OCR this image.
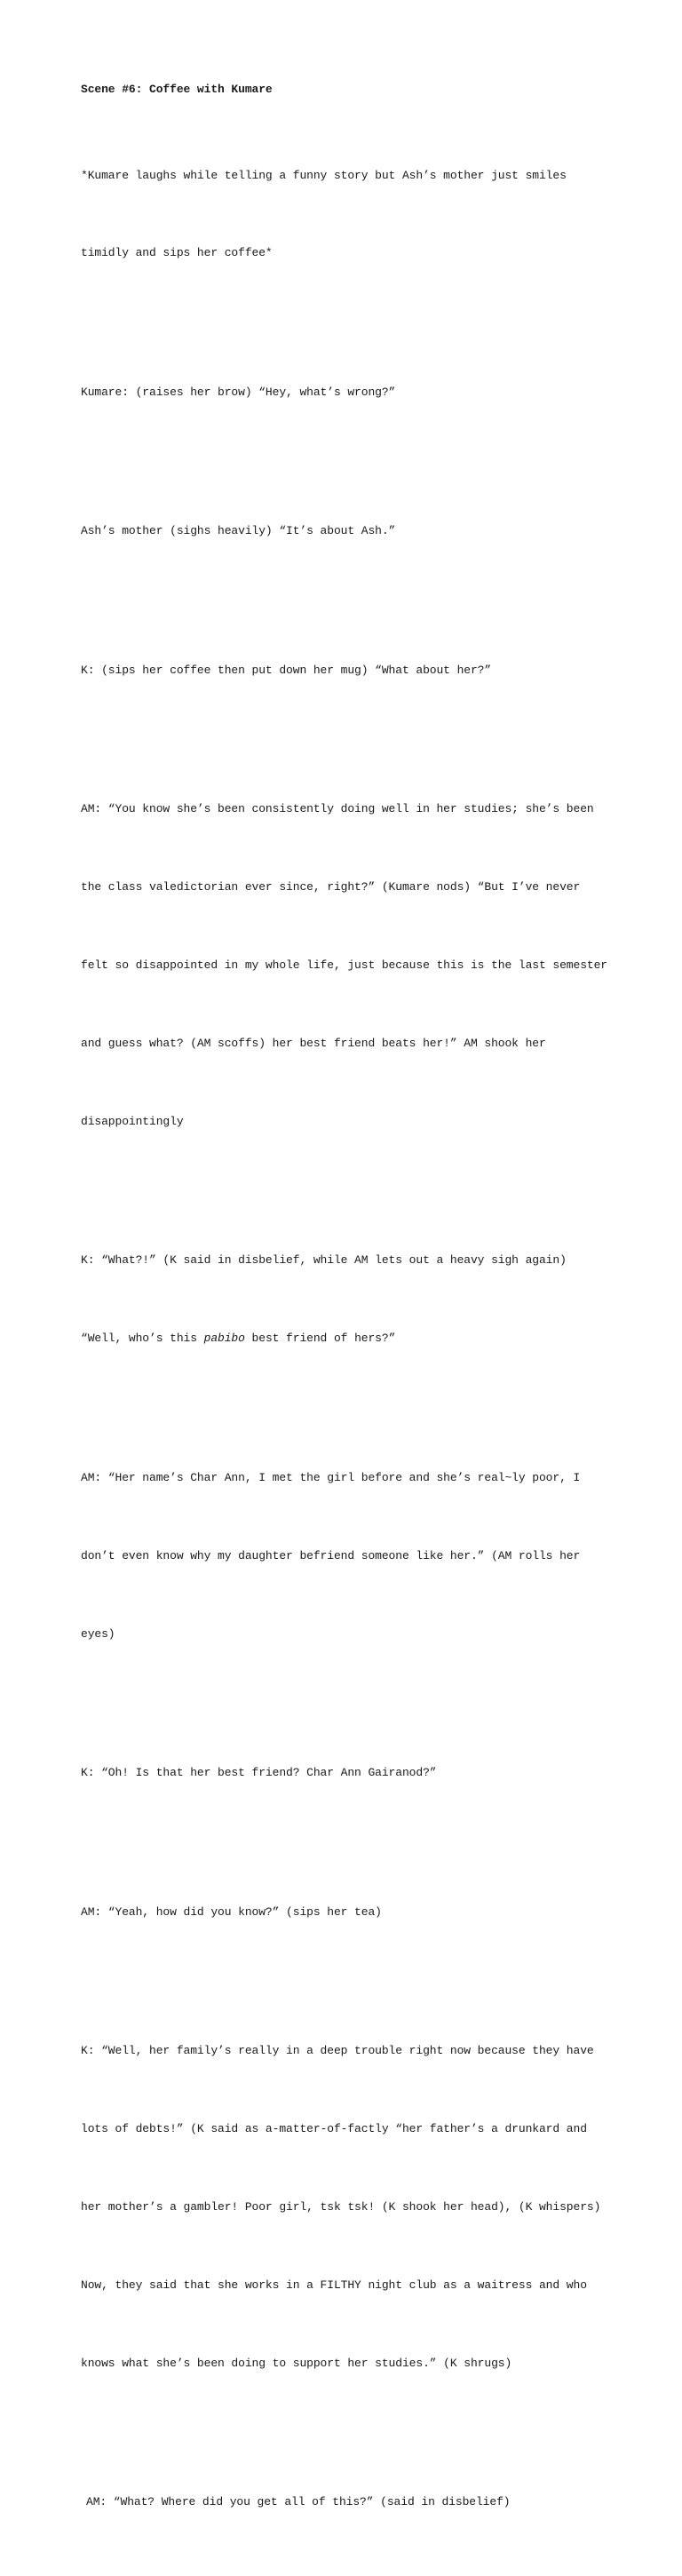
Scene #6: Coffee with Kumare

*Kumare laughs while telling a funny story but Ash’s mother just smiles

timidly and sips her coffee*

Kumare: (raises her brow) “Hey, what’s wrong?”

Ash’s mother (sighs heavily) “It’s about Ash.”

K: (sips her coffee then put down her mug) “What about her?”

AM: “You know she’s been consistently doing well in her studies; she’s been

the class valedictorian ever since, right?” (Kumare nods) “But I’ve never

felt so disappointed in my whole life, just because this is the last semester

and guess what? (AM scoffs) her best friend beats her!” AM shook her

disappointingly

K: “What?!” (K said in disbelief, while AM lets out a heavy sigh again)

“Well, who’s this pabibo best friend of hers?”

AM: “Her name’s Char Ann, I met the girl before and she’s real~ly poor, I

don’t even know why my daughter befriend someone like her.” (AM rolls her

eyes)

K: “Oh! Is that her best friend? Char Ann Gairanod?”

AM: “Yeah, how did you know?” (sips her tea)

K: “Well, her family’s really in a deep trouble right now because they have

lots of debts!” (K said as a-matter-of-factly “her father’s a drunkard and

her mother’s a gambler! Poor girl, tsk tsk! (K shook her head), (K whispers)

Now, they said that she works in a FILTHY night club as a waitress and who

knows what she’s been doing to support her studies.” (K shrugs)

AM: “What? Where did you get all of this?” (said in disbelief)
